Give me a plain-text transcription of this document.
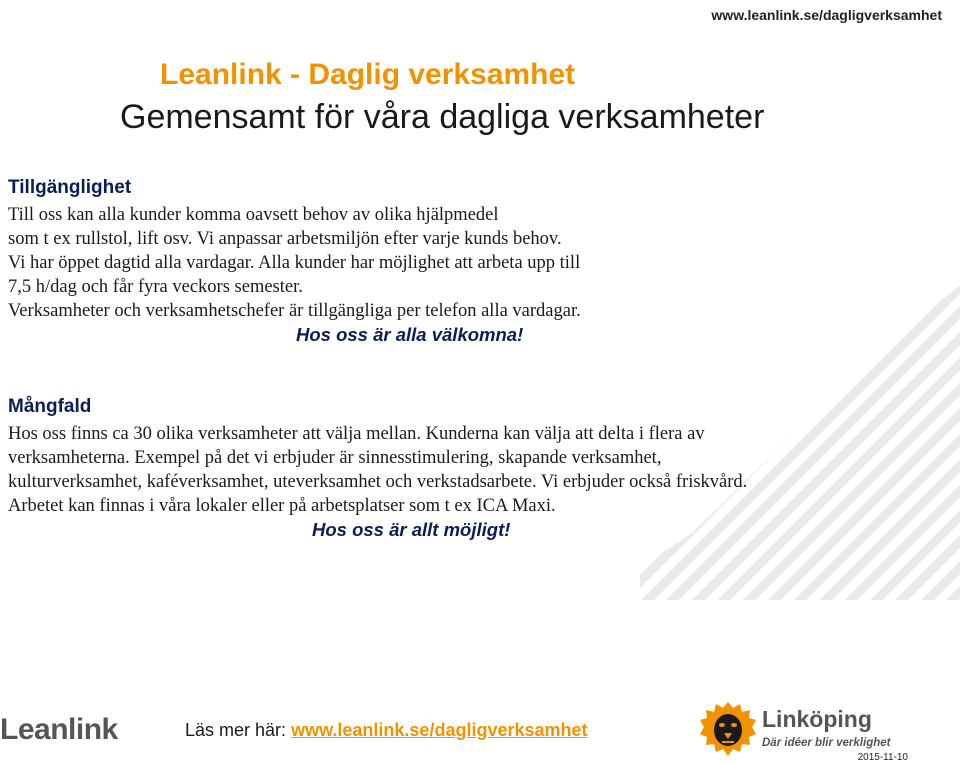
www.leanlink.se/dagligverksamhet
Leanlink - Daglig verksamhet
Gemensamt för våra dagliga verksamheter
Tillgänglighet

Till oss kan alla kunder komma oavsett behov av olika hjälpmedel

som t ex rullstol, lift osv. Vi anpassar arbetsmiljön efter varje kunds behov.

Vi har öppet dagtid alla vardagar. Alla kunder har möjlighet att arbeta upp till

7,5 h/dag och får fyra veckors semester.

Verksamheter och verksamhetschefer är tillgängliga per telefon alla vardagar.

Hos oss är alla välkomna!

Mångfald

Hos oss finns ca 30 olika verksamheter att välja mellan. Kunderna kan välja att delta i flera av

verksamheterna. Exempel på det vi erbjuder är sinnesstimulering, skapande verksamhet,

kulturverksamhet, kaféverksamhet, uteverksamhet och verkstadsarbete. Vi erbjuder också friskvård.

Arbetet kan finnas i våra lokaler eller på arbetsplatser som t ex ICA Maxi.

Hos oss är allt möjligt!

Leanlink	Läs mer här: www.leanlink.se/dagligverksamhet	Linköping
Där idéer blir verklighet
2015-11-10
